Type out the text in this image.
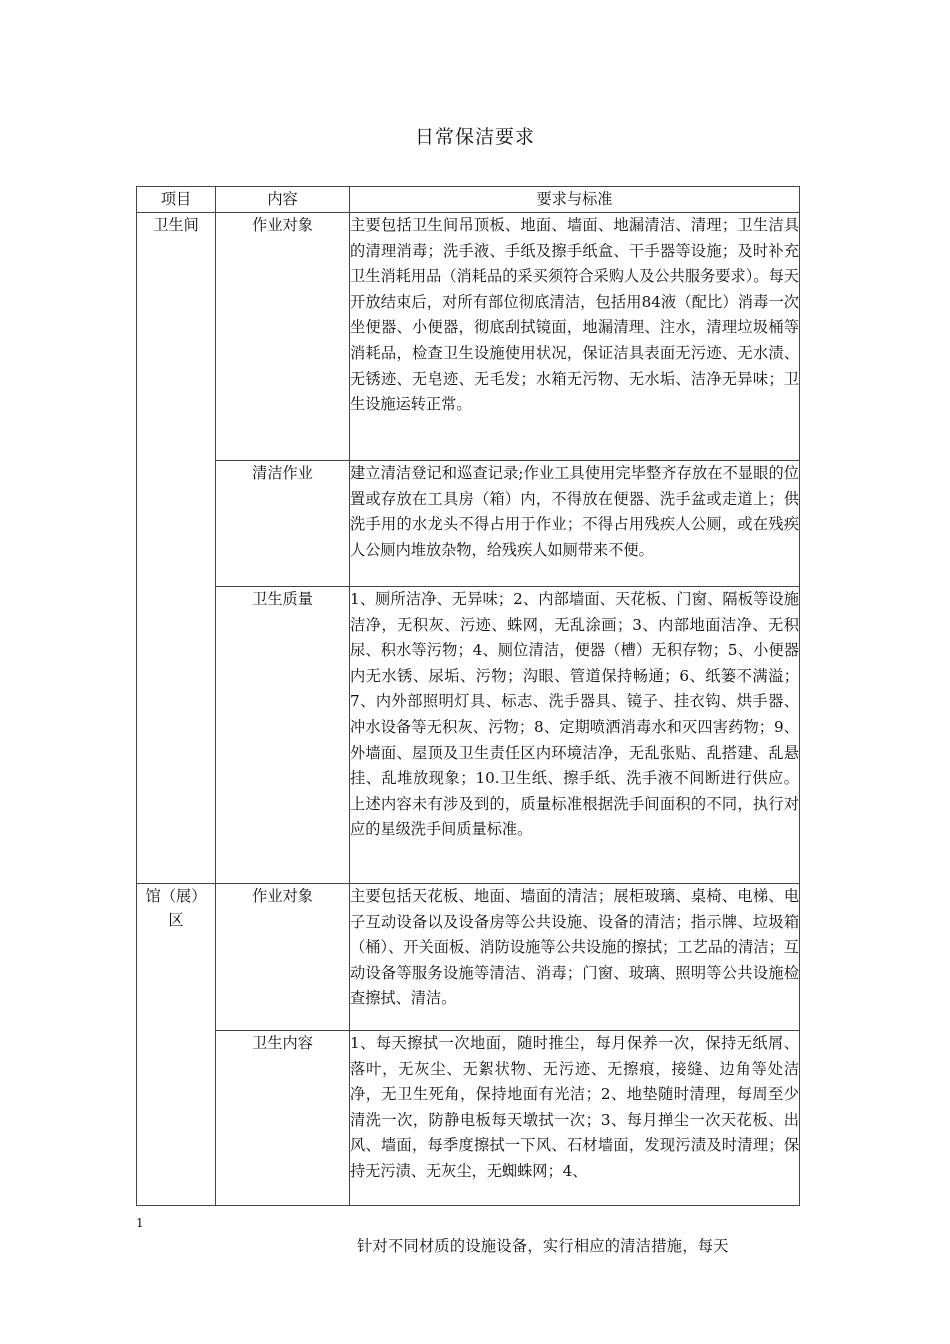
日常保洁要求
项目	内容	要求与标准
卫生间	作业对象	主要包括卫生间吊顶板、地面、墙面、地漏清洁、清理；卫生洁具的清理消毒；洗手液、手纸及擦手纸盒、干手器等设施；及时补充卫生消耗用品（消耗品的采买须符合采购人及公共服务要求）。每天开放结束后，对所有部位彻底清洁，包括用84液（配比）消毒一次坐便器、小便器，彻底刮拭镜面，地漏清理、注水，清理垃圾桶等消耗品，检查卫生设施使用状况，保证洁具表面无污迹、无水渍、无锈迹、无皂迹、无毛发；水箱无污物、无水垢、洁净无异味；卫生设施运转正常。
	清洁作业	建立清洁登记和巡查记录;作业工具使用完毕整齐存放在不显眼的位置或存放在工具房（箱）内，不得放在便器、洗手盆或走道上；供洗手用的水龙头不得占用于作业；不得占用残疾人公厕，或在残疾人公厕内堆放杂物，给残疾人如厕带来不便。
	卫生质量	1、厕所洁净、无异味；2、内部墙面、天花板、门窗、隔板等设施洁净，无积灰、污迹、蛛网，无乱涂画；3、内部地面洁净、无积尿、积水等污物；4、厕位清洁，便器（槽）无积存物；5、小便器内无水锈、尿垢、污物；沟眼、管道保持畅通；6、纸篓不满溢；7、内外部照明灯具、标志、洗手器具、镜子、挂衣钩、烘手器、冲水设备等无积灰、污物；8、定期喷洒消毒水和灭四害药物；9、外墙面、屋顶及卫生责任区内环境洁净，无乱张贴、乱搭建、乱悬挂、乱堆放现象；10.卫生纸、擦手纸、洗手液不间断进行供应。上述内容未有涉及到的，质量标准根据洗手间面积的不同，执行对应的星级洗手间质量标准。

馆（展）
区	作业对象	主要包括天花板、地面、墙面的清洁；展柜玻璃、桌椅、电梯、电子互动设备以及设备房等公共设施、设备的清洁；指示牌、垃圾箱（桶）、开关面板、消防设施等公共设施的擦拭；工艺品的清洁；互动设备等服务设施等清洁、消毒；门窗、玻璃、照明等公共设施检查擦拭、清洁。
	卫生内容	1、每天擦拭一次地面，随时推尘，每月保养一次，保持无纸屑、落叶，无灰尘、无絮状物、无污迹、无擦痕，接缝、边角等处洁净，无卫生死角，保持地面有光洁；2、地垫随时清理，每周至少清洗一次，防静电板每天墩拭一次；3、每月掸尘一次天花板、出风、墙面，每季度擦拭一下风、石材墙面，发现污渍及时清理；保持无污渍、无灰尘，无蜘蛛网；4、
1
针对不同材质的设施设备，实行相应的清洁措施，每天
